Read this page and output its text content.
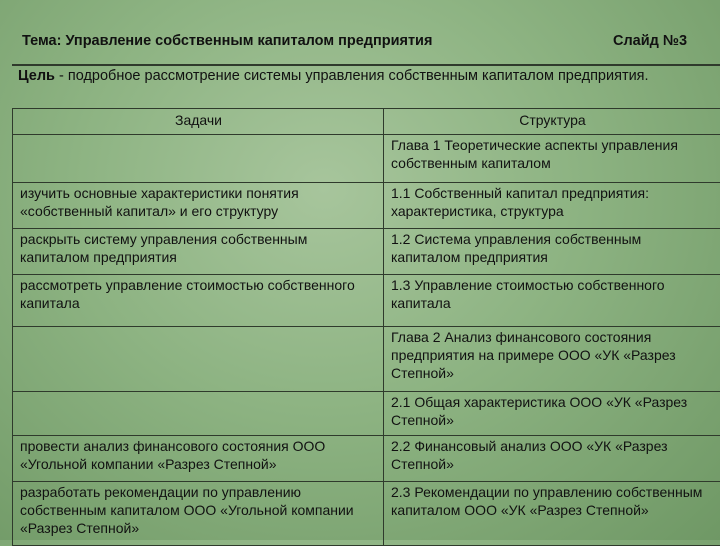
Тема: Управление собственным капиталом предприятия	Слайд №3
Цель - подробное рассмотрение системы управления собственным капиталом предприятия.
Задачи	Структура
	Глава 1 Теоретические аспекты управления собственным капиталом
изучить основные характеристики понятия «собственный капитал» и его структуру	1.1 Собственный капитал предприятия: характеристика, структура
раскрыть систему управления собственным капиталом предприятия	1.2 Система управления собственным капиталом предприятия
рассмотреть управление стоимостью собственного капитала	1.3 Управление стоимостью собственного капитала
	Глава 2 Анализ финансового состояния предприятия на примере ООО «УК «Разрез Степной»
	2.1 Общая характеристика ООО «УК «Разрез Степной»
провести анализ финансового состояния ООО «Угольной компании «Разрез Степной»	2.2 Финансовый анализ ООО «УК «Разрез Степной»
разработать рекомендации по управлению собственным капиталом ООО «Угольной компании «Разрез Степной»	2.3 Рекомендации по управлению собственным капиталом ООО «УК «Разрез Степной»
